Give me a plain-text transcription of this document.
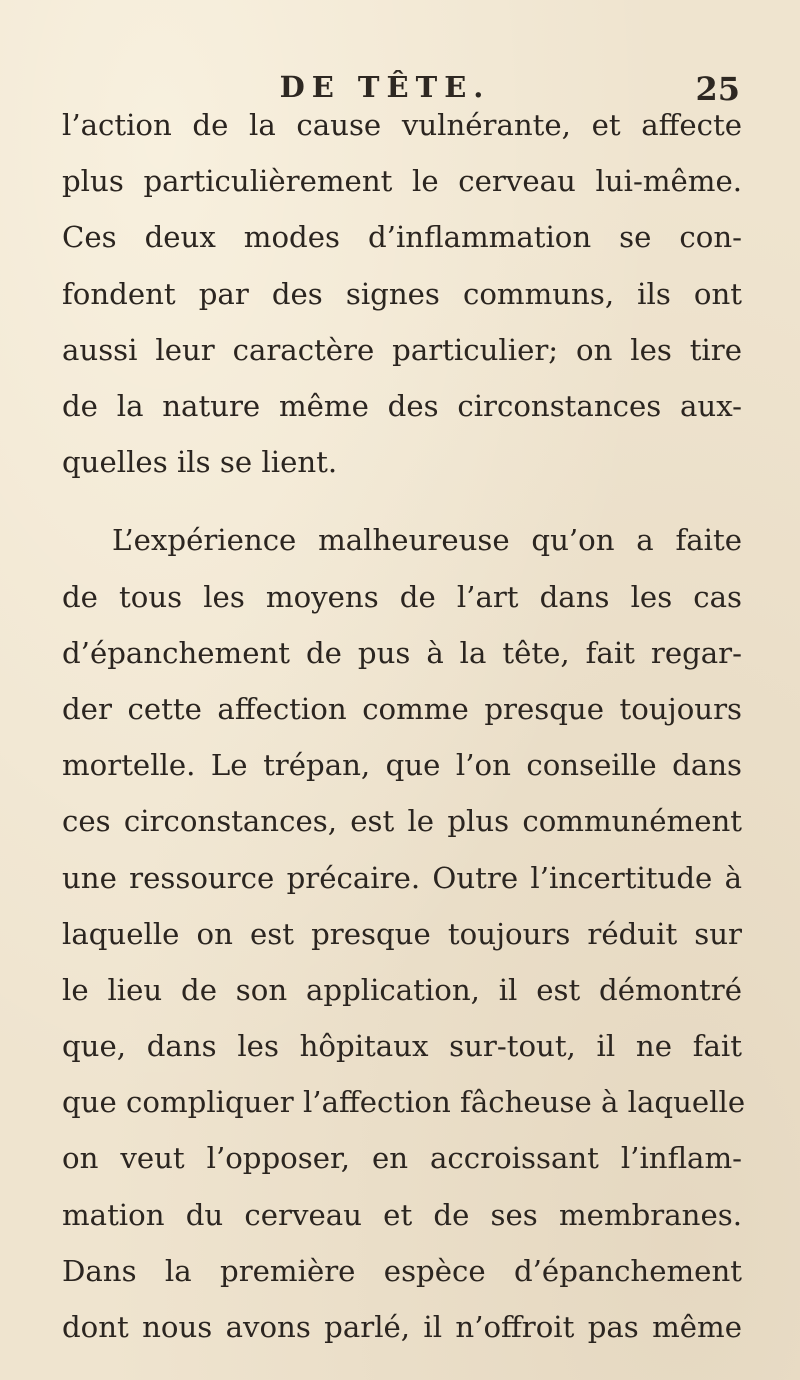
DE TÊTE.	25
l’action de la cause vulnérante, et affecte
plus particulièrement le cerveau lui-même.
Ces deux modes d’inflammation se con-
fondent par des signes communs, ils ont
aussi leur caractère particulier; on les tire
de la nature même des circonstances aux-
quelles ils se lient.
L’expérience malheureuse qu’on a faite
de tous les moyens de l’art dans les cas
d’épanchement de pus à la tête, fait regar-
der cette affection comme presque toujours
mortelle. Le trépan, que l’on conseille dans
ces circonstances, est le plus communément
une ressource précaire. Outre l’incertitude à
laquelle on est presque toujours réduit sur
le lieu de son application, il est démontré
que, dans les hôpitaux sur-tout, il ne fait
que compliquer l’affection fâcheuse à laquelle
on veut l’opposer, en accroissant l’inflam-
mation du cerveau et de ses membranes.
Dans la première espèce d’épanchement
dont nous avons parlé, il n’offroit pas même
